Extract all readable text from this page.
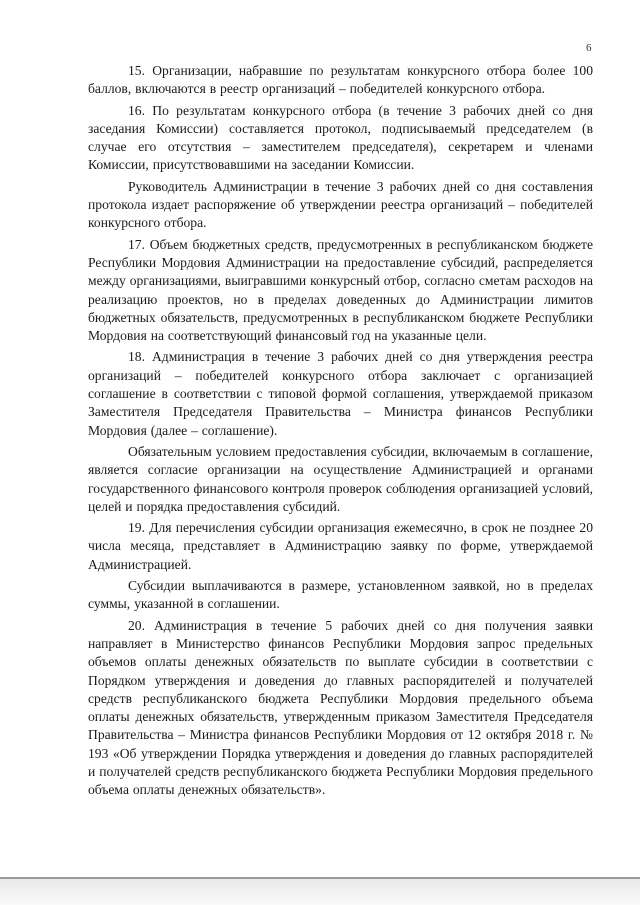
6

15. Организации, набравшие по результатам конкурсного отбора более 100 баллов, включаются в реестр организаций – победителей конкурсного отбора.

16. По результатам конкурсного отбора (в течение 3 рабочих дней со дня заседания Комиссии) составляется протокол, подписываемый председателем (в случае его отсутствия – заместителем председателя), секретарем и членами Комиссии, присутствовавшими на заседании Комиссии.

Руководитель Администрации в течение 3 рабочих дней со дня составления протокола издает распоряжение об утверждении реестра организаций – победителей конкурсного отбора.

17. Объем бюджетных средств, предусмотренных в республиканском бюджете Республики Мордовия Администрации на предоставление субсидий, распределяется между организациями, выигравшими конкурсный отбор, согласно сметам расходов на реализацию проектов, но в пределах доведенных до Администрации лимитов бюджетных обязательств, предусмотренных в республиканском бюджете Республики Мордовия на соответствующий финансовый год на указанные цели.

18. Администрация в течение 3 рабочих дней со дня утверждения реестра организаций – победителей конкурсного отбора заключает с организацией соглашение в соответствии с типовой формой соглашения, утверждаемой приказом Заместителя Председателя Правительства – Министра финансов Республики Мордовия (далее – соглашение).

Обязательным условием предоставления субсидии, включаемым в соглашение, является согласие организации на осуществление Администрацией и органами государственного финансового контроля проверок соблюдения организацией условий, целей и порядка предоставления субсидий.

19. Для перечисления субсидии организация ежемесячно, в срок не позднее 20 числа месяца, представляет в Администрацию заявку по форме, утверждаемой Администрацией.

Субсидии выплачиваются в размере, установленном заявкой, но в пределах суммы, указанной в соглашении.

20. Администрация в течение 5 рабочих дней со дня получения заявки направляет в Министерство финансов Республики Мордовия запрос предельных объемов оплаты денежных обязательств по выплате субсидии в соответствии с Порядком утверждения и доведения до главных распорядителей и получателей средств республиканского бюджета Республики Мордовия предельного объема оплаты денежных обязательств, утвержденным приказом Заместителя Председателя Правительства – Министра финансов Республики Мордовия от 12 октября 2018 г. № 193 «Об утверждении Порядка утверждения и доведения до главных распорядителей и получателей средств республиканского бюджета Республики Мордовия предельного объема оплаты денежных обязательств».
